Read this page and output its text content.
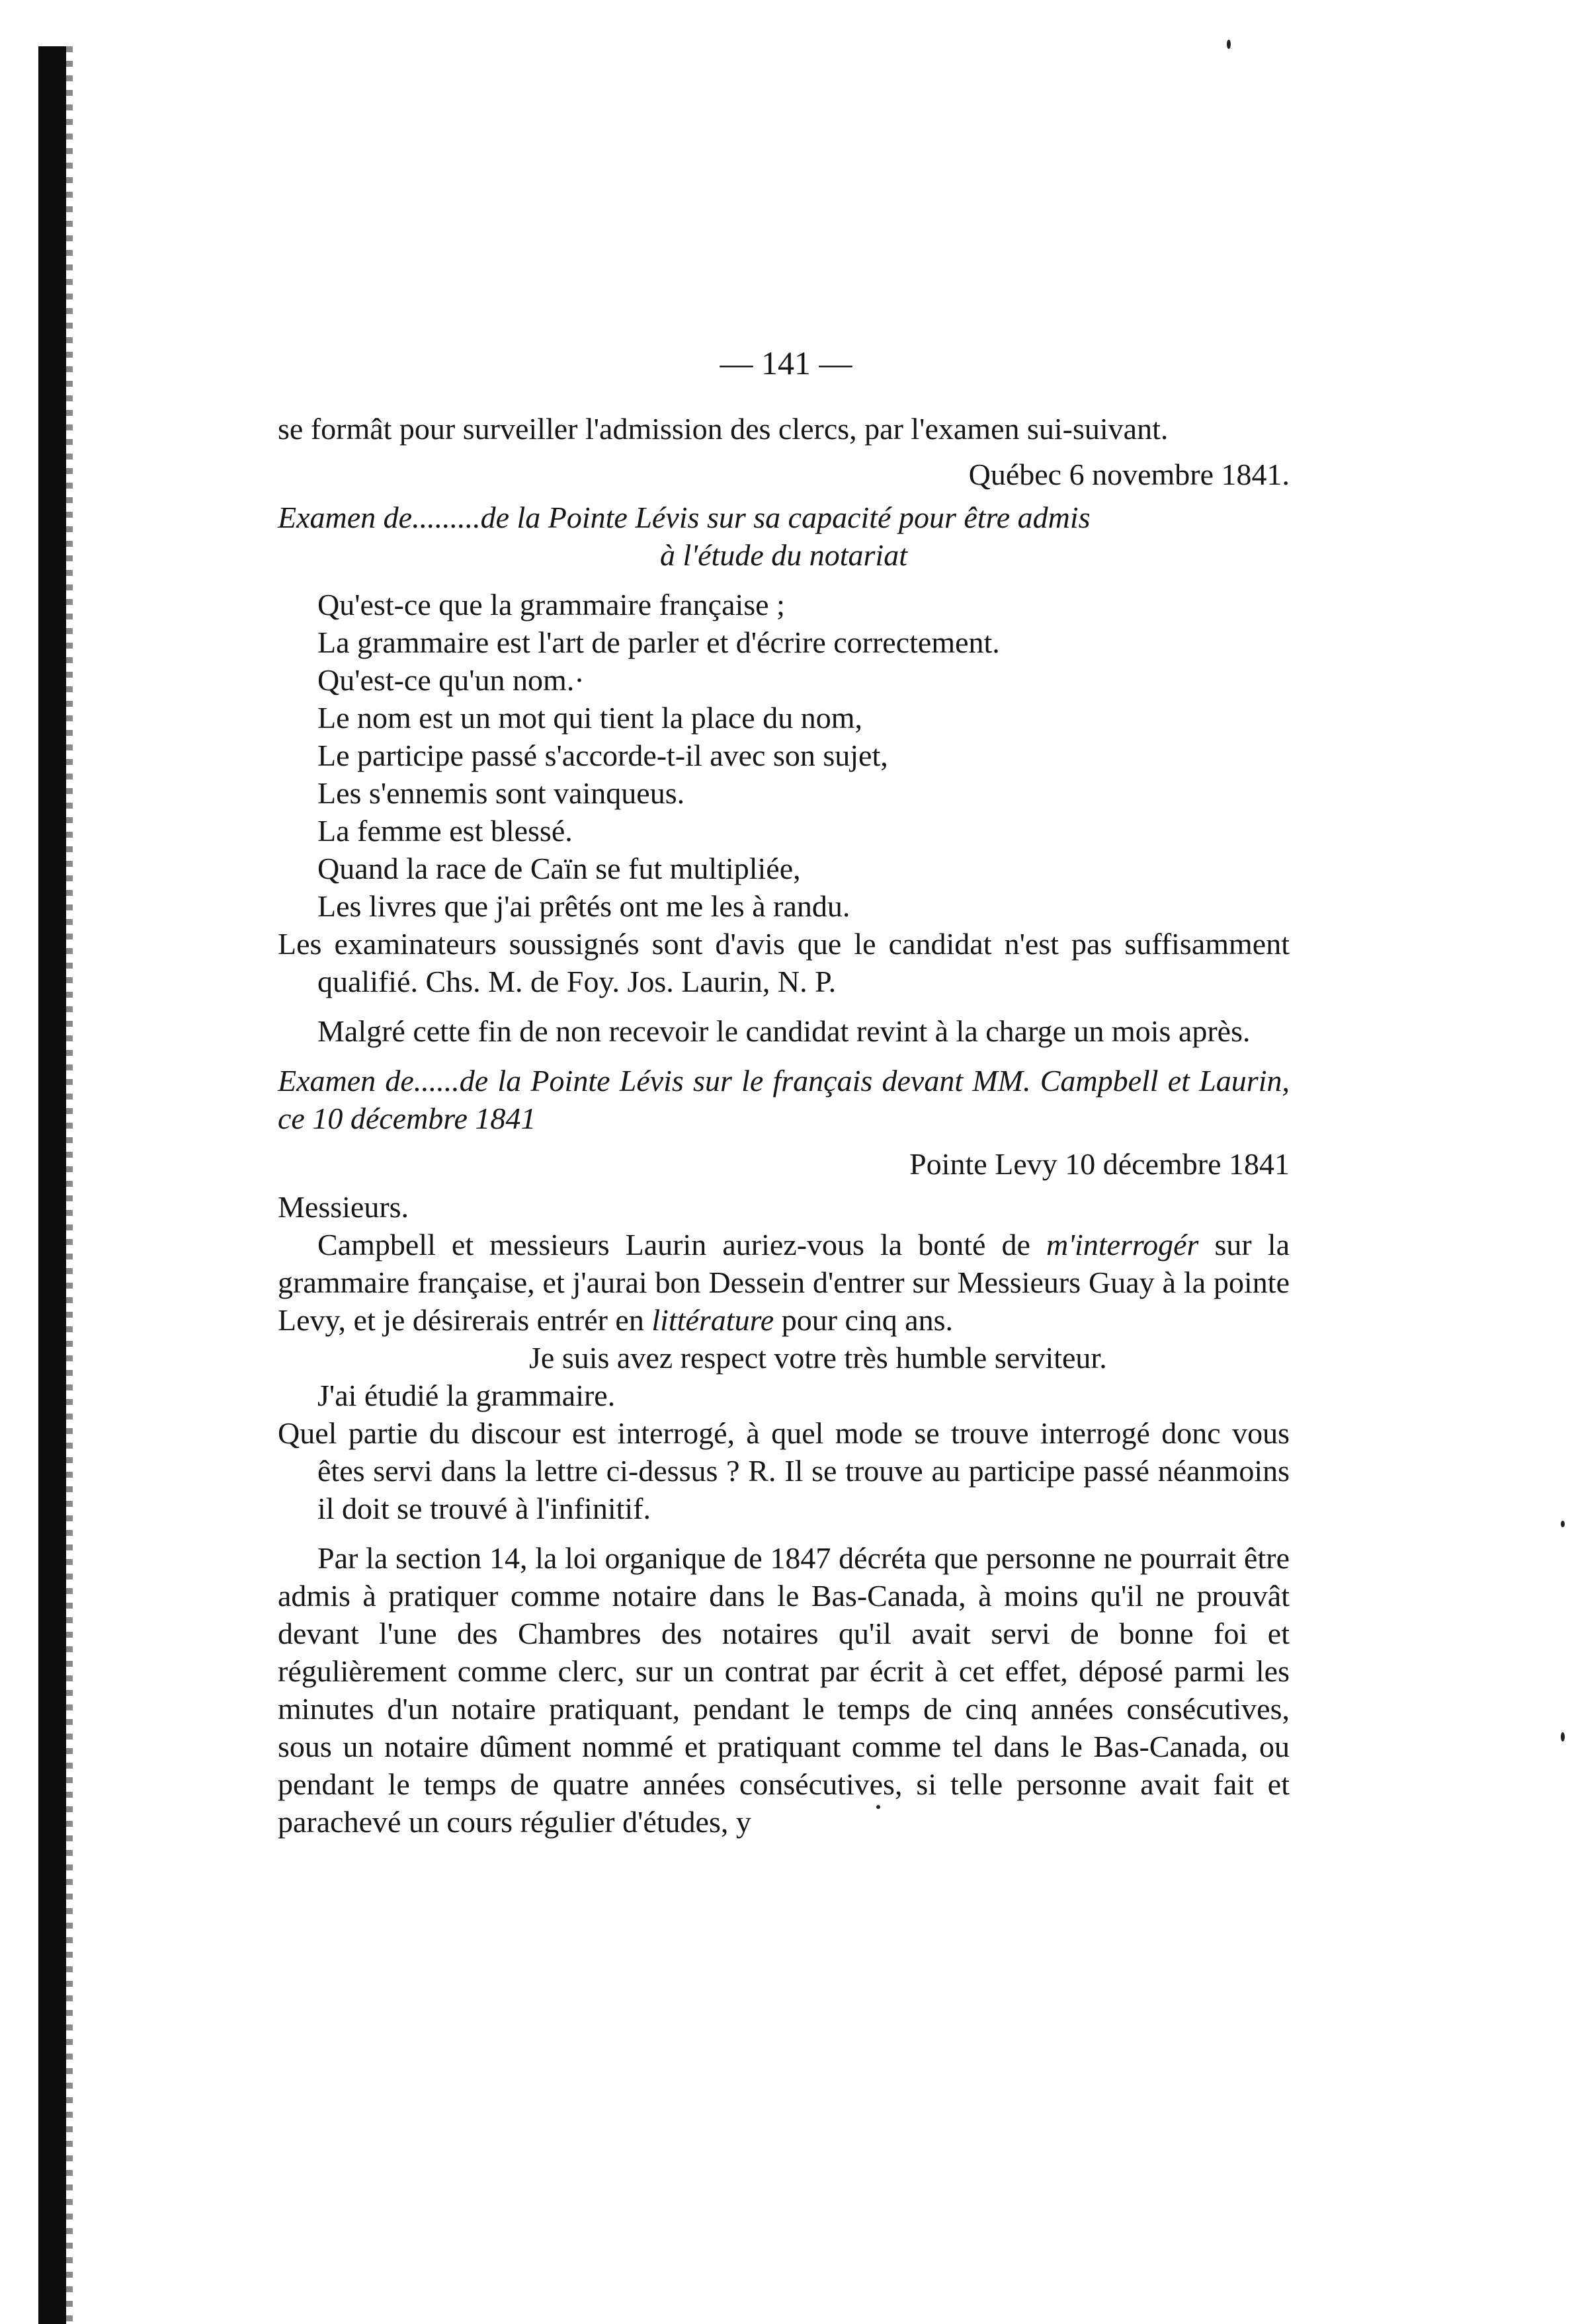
— 141 —

se formât pour surveiller l'admission des clercs, par l'examen sui-suivant.

Québec 6 novembre 1841.

Examen de.........de la Pointe Lévis sur sa capacité pour être admis

à l'étude du notariat

Qu'est-ce que la grammaire française ;

La grammaire est l'art de parler et d'écrire correctement.

Qu'est-ce qu'un nom.·

Le nom est un mot qui tient la place du nom,

Le participe passé s'accorde-t-il avec son sujet,

Les s'ennemis sont vainqueus.

La femme est blessé.

Quand la race de Caïn se fut multipliée,

Les livres que j'ai prêtés ont me les à randu.

Les examinateurs soussignés sont d'avis que le candidat n'est pas suffisamment qualifié. Chs. M. de Foy. Jos. Laurin, N. P.

Malgré cette fin de non recevoir le candidat revint à la charge un mois après.

Examen de......de la Pointe Lévis sur le français devant MM. Campbell et Laurin, ce 10 décembre 1841

Pointe Levy 10 décembre 1841

Messieurs.

Campbell et messieurs Laurin auriez-vous la bonté de m'interrogér sur la grammaire française, et j'aurai bon Dessein d'entrer sur Messieurs Guay à la pointe Levy, et je désirerais entrér en littérature pour cinq ans.

Je suis avez respect votre très humble serviteur.

J'ai étudié la grammaire.

Quel partie du discour est interrogé, à quel mode se trouve interrogé donc vous êtes servi dans la lettre ci-dessus ? R. Il se trouve au participe passé néanmoins il doit se trouvé à l'infinitif.

Par la section 14, la loi organique de 1847 décréta que personne ne pourrait être admis à pratiquer comme notaire dans le Bas-Canada, à moins qu'il ne prouvât devant l'une des Chambres des notaires qu'il avait servi de bonne foi et régulièrement comme clerc, sur un contrat par écrit à cet effet, déposé parmi les minutes d'un notaire pratiquant, pendant le temps de cinq années consécutives, sous un notaire dûment nommé et pratiquant comme tel dans le Bas-Canada, ou pendant le temps de quatre années consécutives, si telle personne avait fait et parachevé un cours régulier d'études, y
